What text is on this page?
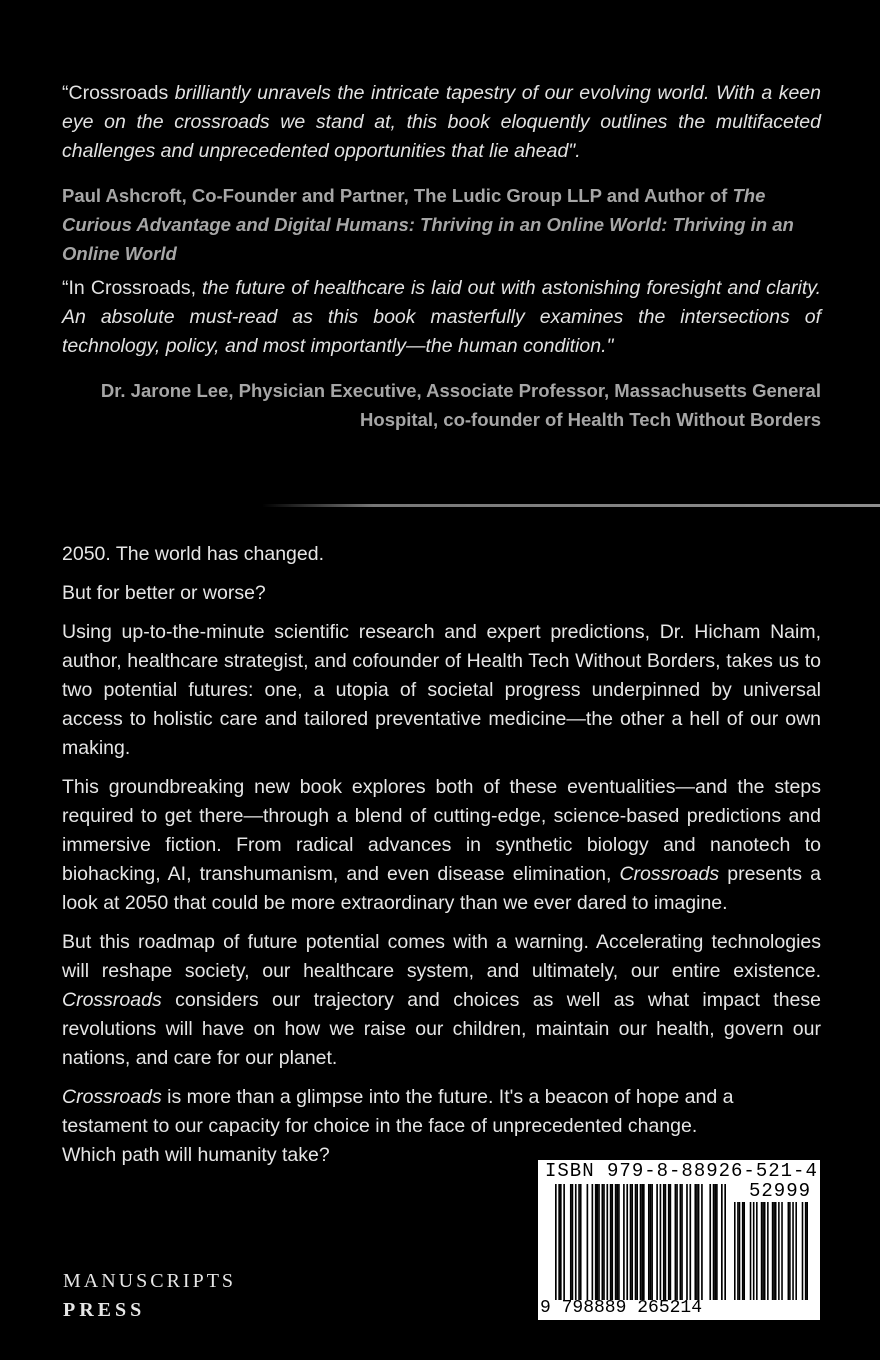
“Crossroads brilliantly unravels the intricate tapestry of our evolving world. With a keen eye on the crossroads we stand at, this book eloquently outlines the multifaceted challenges and unprecedented opportunities that lie ahead".
Paul Ashcroft, Co-Founder and Partner, The Ludic Group LLP and Author of The Curious Advantage and Digital Humans: Thriving in an Online World: Thriving in an Online World
“In Crossroads, the future of healthcare is laid out with astonishing foresight and clarity. An absolute must-read as this book masterfully examines the intersections of technology, policy, and most importantly—the human condition."
Dr. Jarone Lee, Physician Executive, Associate Professor, Massachusetts General Hospital, co-founder of Health Tech Without Borders

2050. The world has changed.

But for better or worse?

Using up-to-the-minute scientific research and expert predictions, Dr. Hicham Naim, author, healthcare strategist, and cofounder of Health Tech Without Borders, takes us to two potential futures: one, a utopia of societal progress underpinned by universal access to holistic care and tailored preventative medicine—the other a hell of our own making.

This groundbreaking new book explores both of these eventualities—and the steps required to get there—through a blend of cutting-edge, science-based predictions and immersive fiction. From radical advances in synthetic biology and nanotech to biohacking, AI, transhumanism, and even disease elimination, Crossroads presents a look at 2050 that could be more extraordinary than we ever dared to imagine.

But this roadmap of future potential comes with a warning. Accelerating technologies will reshape society, our healthcare system, and ultimately, our entire existence. Crossroads considers our trajectory and choices as well as what impact these revolutions will have on how we raise our children, maintain our health, govern our nations, and care for our planet.

Crossroads is more than a glimpse into the future. It's a beacon of hope and a testament to our capacity for choice in the face of unprecedented change.
Which path will humanity take?

MANUSCRIPTS
PRESS
ISBN 979-8-88926-521-4
52999
9 798889 265214
